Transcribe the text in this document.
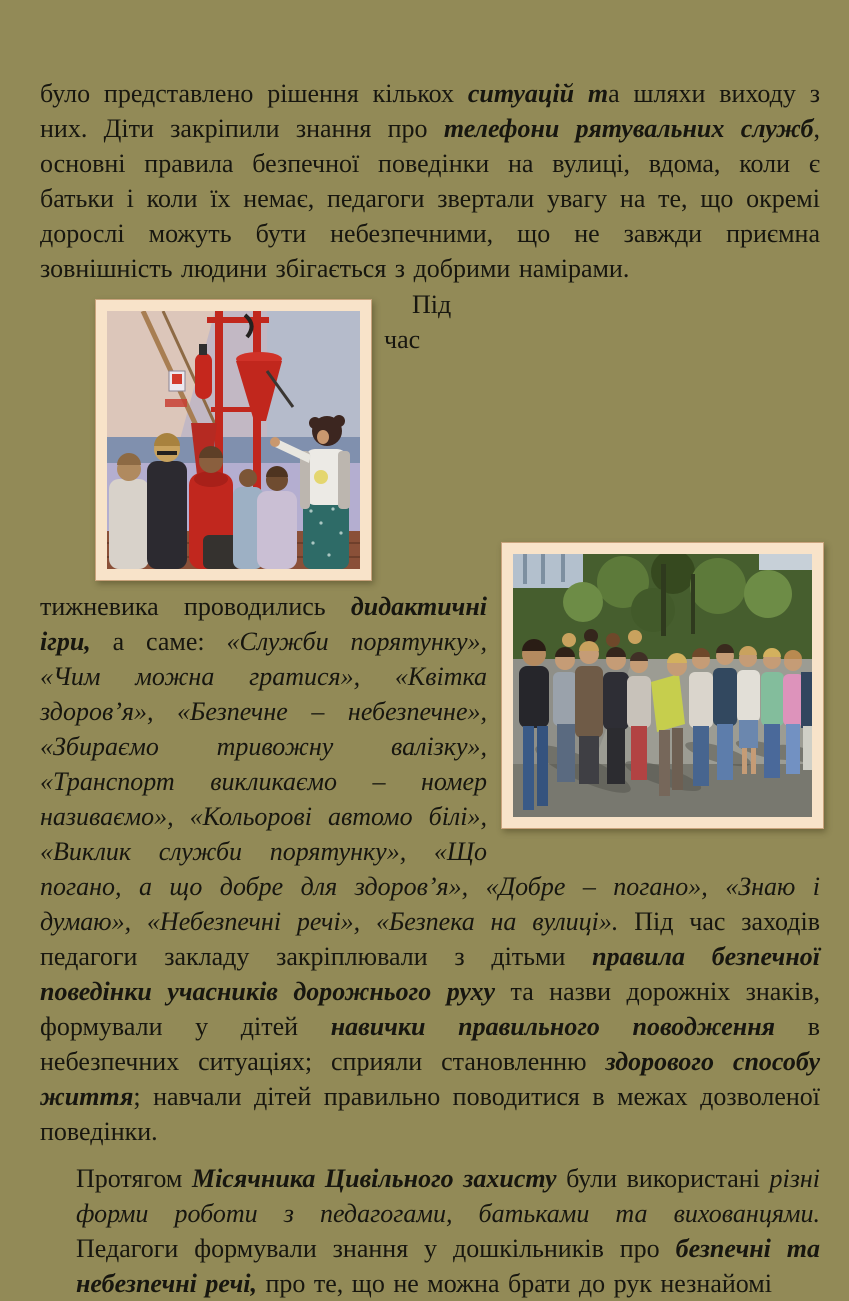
було представлено рішення кількох ситуацій та шляхи виходу з них. Діти закріпили знання про телефони рятувальних служб, основні правила безпечної поведінки на вулиці, вдома, коли є батьки і коли їх немає, педагоги звертали увагу на те, що окремі дорослі можуть бути небезпечними, що не завжди приємна зовнішність людини збігається з добрими намірами.

Під час тижневика проводились дидактичні ігри, а саме: «Служби порятунку», «Чим можна гратися», «Квітка здоров’я», «Безпечне – небезпечне», «Збираємо тривожну валізку», «Транспорт викликаємо – номер називаємо», «Кольорові автомо білі», «Виклик служби порятунку», «Що погано, а що добре для здоров’я», «Добре – погано», «Знаю і думаю», «Небезпечні речі», «Безпека на вулиці». Під час заходів педагоги закладу закріплювали з дітьми правила безпечної поведінки учасників дорожнього руху та назви дорожніх знаків, формували у дітей навички правильного поводження в небезпечних ситуаціях; сприяли становленню здорового способу життя; навчали дітей правильно поводитися в межах дозволеної поведінки.

Протягом Місячника Цивільного захисту були використані різні форми роботи з педагогами, батьками та вихованцями. Педагоги формували знання у дошкільників про безпечні та небезпечні речі, про те, що не можна брати до рук незнайомі
